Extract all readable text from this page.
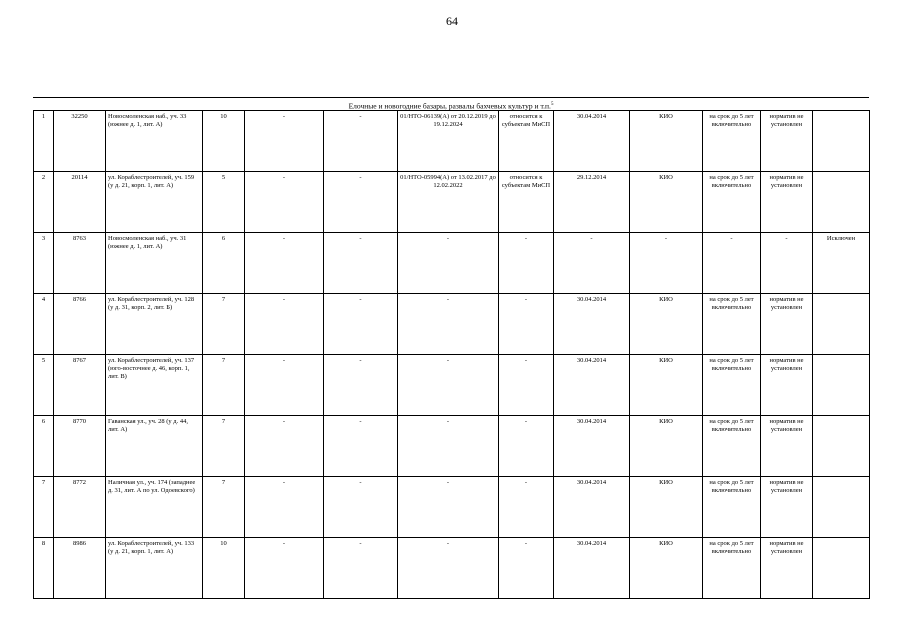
64
Елочные и новогодние базары, развалы бахчевых культур и т.п.$^5$
1	32250	Новосмоленская наб., уч. 33 (южнее д. 1, лит. А)	10	-	-	01/НТО-06139(А) от 20.12.2019 до 19.12.2024	относится к субъектам МиСП	30.04.2014	КИО	на срок до 5 лет включительно	норматив не установлен	
2	20114	ул. Кораблестроителей, уч. 159 (у д. 21, корп. 1, лит. А)	5	-	-	01/НТО-05994(А) от 13.02.2017 до 12.02.2022	относится к субъектам МиСП	29.12.2014	КИО	на срок до 5 лет включительно	норматив не установлен	
3	8763	Новосмоленская наб., уч. 31 (южнее д. 1, лит. А)	6	-	-	-	-	-	-	-	-	Исключен
4	8766	ул. Кораблестроителей, уч. 128 (у д. 31, корп. 2, лит. Б)	7	-	-	-	-	30.04.2014	КИО	на срок до 5 лет включительно	норматив не установлен	
5	8767	ул. Кораблестроителей, уч. 137 (юго-восточнее д. 46, корп. 1, лит. В)	7	-	-	-	-	30.04.2014	КИО	на срок до 5 лет включительно	норматив не установлен	
6	8770	Гаванская ул., уч. 28 (у д. 44, лит. А)	7	-	-	-	-	30.04.2014	КИО	на срок до 5 лет включительно	норматив не установлен	
7	8772	Наличная ул., уч. 174 (западнее д. 31, лит. А по ул. Одоевского)	7	-	-	-	-	30.04.2014	КИО	на срок до 5 лет включительно	норматив не установлен	
8	8986	ул. Кораблестроителей, уч. 133 (у д. 21, корп. 1, лит. А)	10	-	-	-	-	30.04.2014	КИО	на срок до 5 лет включительно	норматив не установлен	
